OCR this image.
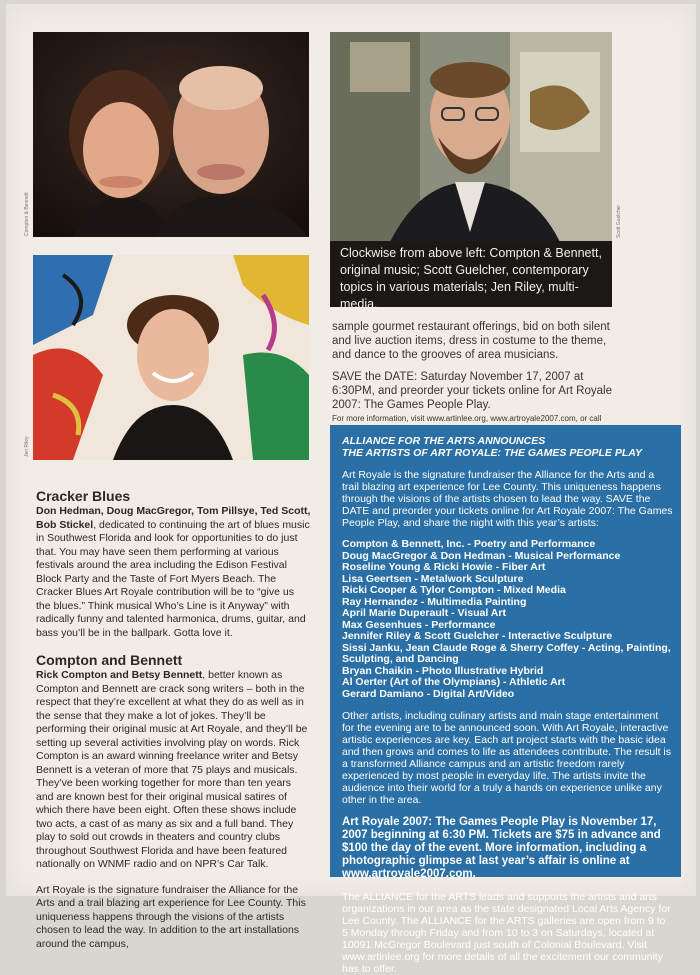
Compton & Bennett	Scott Guelcher
Clockwise from above left: Compton & Bennett, original music; Scott Guelcher, contemporary topics in various materials; Jen Riley, multi-media.
Jen Riley

sample gourmet restaurant offerings, bid on both silent and live auction items, dress in costume to the theme, and dance to the grooves of area musicians.

SAVE the DATE: Saturday November 17, 2007 at 6:30PM, and preorder your tickets online for Art Royale 2007: The Games People Play.

For more information, visit www.artinlee.org, www.artroyale2007.com, or call

Cracker Blues

Don Hedman, Doug MacGregor, Tom Pillsye, Ted Scott, Bob Stickel, dedicated to continuing the art of blues music in Southwest Florida and look for opportunities to do just that. You may have seen them performing at various festivals around the area including the Edison Festival Block Party and the Taste of Fort Myers Beach. The Cracker Blues Art Royale contribution will be to “give us the blues.” Think musical Who’s Line is it Anyway” with radically funny and talented harmonica, drums, guitar, and bass you’ll be in the ballpark. Gotta love it.

Compton and Bennett

Rick Compton and Betsy Bennett, better known as Compton and Bennett are crack song writers – both in the respect that they’re excellent at what they do as well as in the sense that they make a lot of jokes. They’ll be performing their original music at Art Royale, and they’ll be setting up several activities involving play on words. Rick Compton is an award winning freelance writer and Betsy Bennett is a veteran of more that 75 plays and musicals. They’ve been working together for more than ten years and are known best for their original musical satires of which there have been eight. Often these shows include two acts, a cast of as many as six and a full band. They play to sold out crowds in theaters and country clubs throughout Southwest Florida and have been featured nationally on WNMF radio and on NPR’s Car Talk.

Art Royale is the signature fundraiser the Alliance for the Arts and a trail blazing art experience for Lee County. This uniqueness happens through the visions of the artists chosen to lead the way. In addition to the art installations around the campus,

ALLIANCE FOR THE ARTS ANNOUNCES
THE ARTISTS OF ART ROYALE: THE GAMES PEOPLE PLAY

Art Royale is the signature fundraiser the Alliance for the Arts and a trail blazing art experience for Lee County. This uniqueness happens through the visions of the artists chosen to lead the way. SAVE the DATE and preorder your tickets online for Art Royale 2007: The Games People Play, and share the night with this year’s artists:

Compton & Bennett, Inc. - Poetry and Performance
Doug MacGregor & Don Hedman - Musical Performance
Roseline Young & Ricki Howie - Fiber Art
Lisa Geertsen - Metalwork Sculpture
Ricki Cooper & Tylor Compton - Mixed Media
Ray Hernandez - Multimedia Painting
April Marie Duperault - Visual Art
Max Gesenhues - Performance
Jennifer Riley & Scott Guelcher - Interactive Sculpture
Sissi Janku, Jean Claude Roge & Sherry Coffey - Acting, Painting, Sculpting, and Dancing
Bryan Chaikin - Photo Illustrative Hybrid
Al Oerter (Art of the Olympians) - Athletic Art
Gerard Damiano - Digital Art/Video

Other artists, including culinary artists and main stage entertainment for the evening are to be announced soon. With Art Royale, interactive artistic experiences are key. Each art project starts with the basic idea and then grows and comes to life as attendees contribute. The result is a transformed Alliance campus and an artistic freedom rarely experienced by most people in everyday life. The artists invite the audience into their world for a truly a hands on experience unlike any other in the area.

Art Royale 2007: The Games People Play is November 17, 2007 beginning at 6:30 PM. Tickets are $75 in advance and $100 the day of the event. More information, including a photographic glimpse at last year’s affair is online at www.artroyale2007.com.

The ALLIANCE for the ARTS leads and supports the artists and arts organizations in our area as the state designated Local Arts Agency for Lee County. The ALLIANCE for the ARTS galleries are open from 9 to 5 Monday through Friday and from 10 to 3 on Saturdays, located at 10091 McGregor Boulevard just south of Colonial Boulevard. Visit www.artinlee.org for more details of all the excitement our community has to offer.
